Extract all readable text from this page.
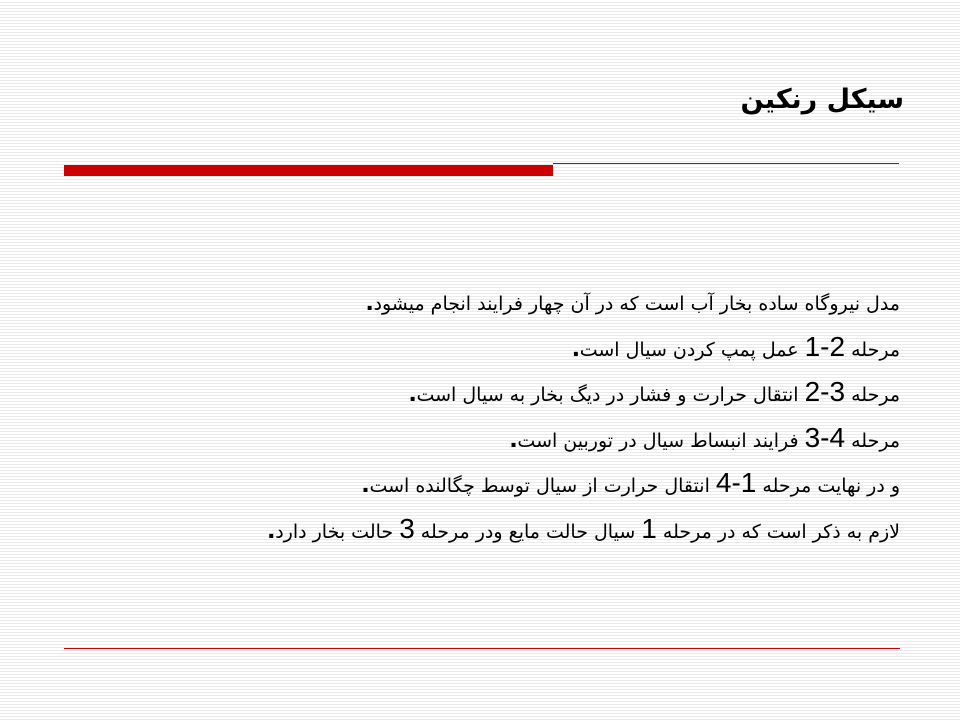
سیکل رنکین
مدل نیروگاه ساده بخار آب است که در آن چهار فرایند انجام میشود.
مرحله 1-2 عمل پمپ کردن سیال است.
مرحله 2-3 انتقال حرارت و فشار در دیگ بخار به سیال است.
مرحله 3-4 فرایند انبساط سیال در توربین است.
و در نهایت مرحله 4-1 انتقال حرارت از سیال توسط چگالنده است.
لازم به ذکر است که در مرحله 1 سیال حالت مایع ودر مرحله 3 حالت بخار دارد.
